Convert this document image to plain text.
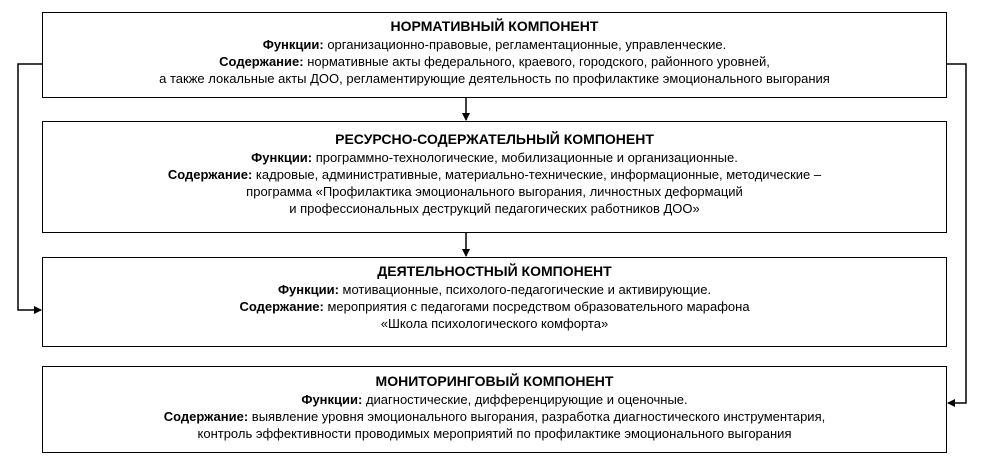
НОРМАТИВНЫЙ КОМПОНЕНТ
Функции: организационно-правовые, регламентационные, управленческие.
Содержание: нормативные акты федерального, краевого, городского, районного уровней,
а также локальные акты ДОО, регламентирующие деятельность по профилактике эмоционального выгорания
РЕСУРСНО-СОДЕРЖАТЕЛЬНЫЙ КОМПОНЕНТ
Функции: программно-технологические, мобилизационные и организационные.
Содержание: кадровые, административные, материально-технические, информационные, методические –
программа «Профилактика эмоционального выгорания, личностных деформаций
и профессиональных деструкций педагогических работников ДОО»
ДЕЯТЕЛЬНОСТНЫЙ КОМПОНЕНТ
Функции: мотивационные, психолого-педагогические и активирующие.
Содержание: мероприятия с педагогами посредством образовательного марафона
«Школа психологического комфорта»
МОНИТОРИНГОВЫЙ КОМПОНЕНТ
Функции: диагностические, дифференцирующие и оценочные.
Содержание: выявление уровня эмоционального выгорания, разработка диагностического инструментария,
контроль эффективности проводимых мероприятий по профилактике эмоционального выгорания
